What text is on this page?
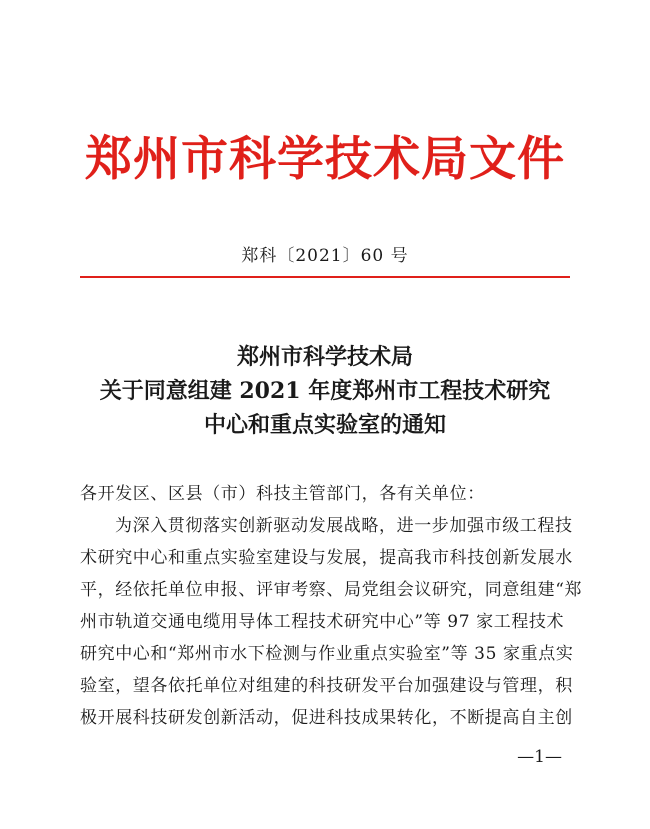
郑州市科学技术局文件
郑科〔2021〕60 号
郑州市科学技术局
关于同意组建 2021 年度郑州市工程技术研究
中心和重点实验室的通知
各开发区、区县（市）科技主管部门，各有关单位：
为深入贯彻落实创新驱动发展战略，进一步加强市级工程技
术研究中心和重点实验室建设与发展，提高我市科技创新发展水
平，经依托单位申报、评审考察、局党组会议研究，同意组建“郑
州市轨道交通电缆用导体工程技术研究中心”等 97 家工程技术
研究中心和“郑州市水下检测与作业重点实验室”等 35 家重点实
验室，望各依托单位对组建的科技研发平台加强建设与管理，积
极开展科技研发创新活动，促进科技成果转化，不断提高自主创
—1—
